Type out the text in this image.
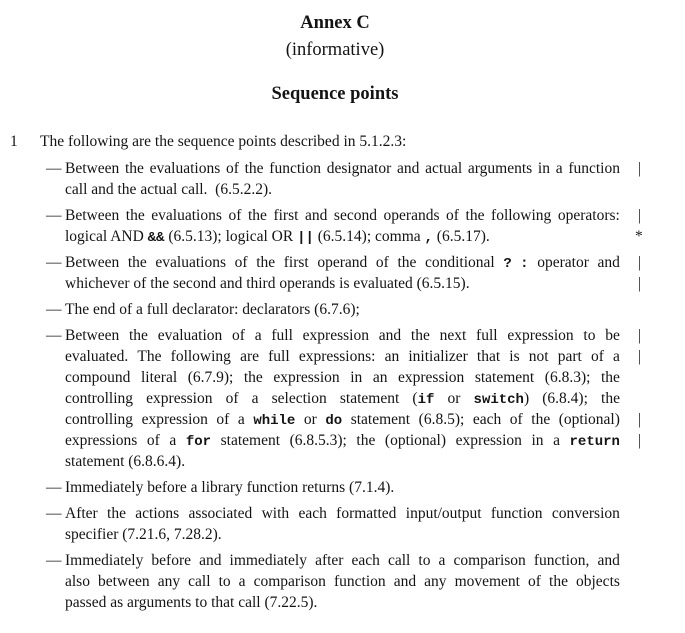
Annex C
(informative)
Sequence points
1 The following are the sequence points described in 5.1.2.3:
— Between the evaluations of the function designator and actual arguments in a function |
call and the actual call.  (6.5.2.2).
— Between the evaluations of the first and second operands of the following operators: |
logical AND && (6.5.13); logical OR || (6.5.14); comma , (6.5.17).	*
— Between the evaluations of the first operand of the conditional ? : operator and |
whichever of the second and third operands is evaluated (6.5.15).	|
— The end of a full declarator: declarators (6.7.6);
— Between the evaluation of a full expression and the next full expression to be |
evaluated. The following are full expressions: an initializer that is not part of a |
compound literal (6.7.9); the expression in an expression statement (6.8.3); the
controlling expression of a selection statement (if or switch) (6.8.4); the
controlling expression of a while or do statement (6.8.5); each of the (optional) |
expressions of a for statement (6.8.5.3); the (optional) expression in a return |
statement (6.8.6.4).
— Immediately before a library function returns (7.1.4).
— After the actions associated with each formatted input/output function conversion
specifier (7.21.6, 7.28.2).
— Immediately before and immediately after each call to a comparison function, and
also between any call to a comparison function and any movement of the objects
passed as arguments to that call (7.22.5).
